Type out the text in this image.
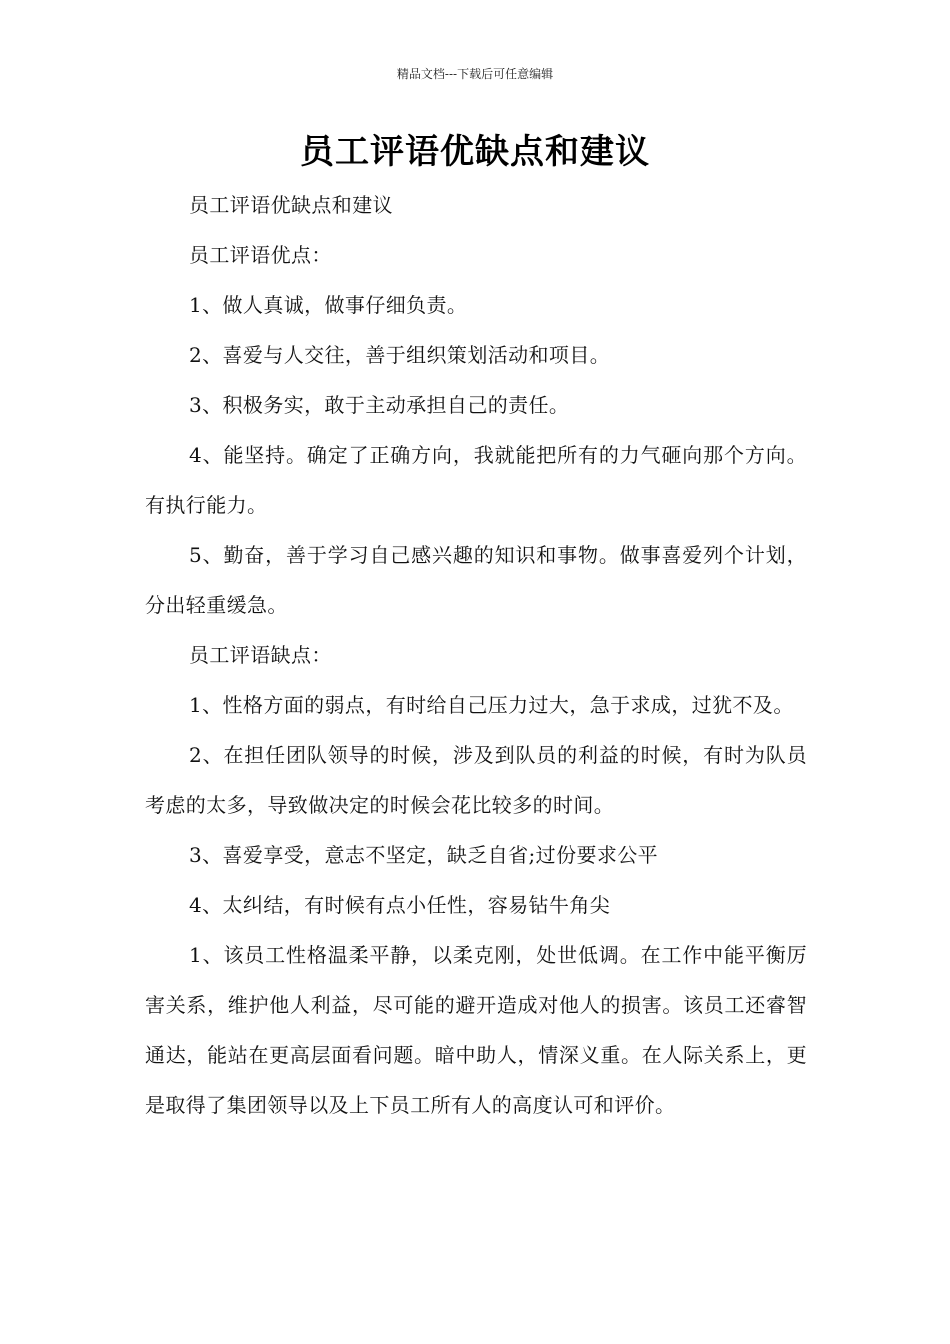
精品文档---下载后可任意编辑
员工评语优缺点和建议

员工评语优缺点和建议

员工评语优点：

1、做人真诚，做事仔细负责。

2、喜爱与人交往，善于组织策划活动和项目。

3、积极务实，敢于主动承担自己的责任。

4、能坚持。确定了正确方向，我就能把所有的力气砸向那个方向。有执行能力。

5、勤奋，善于学习自己感兴趣的知识和事物。做事喜爱列个计划，分出轻重缓急。

员工评语缺点：

1、性格方面的弱点，有时给自己压力过大，急于求成，过犹不及。

2、在担任团队领导的时候，涉及到队员的利益的时候，有时为队员考虑的太多，导致做决定的时候会花比较多的时间。

3、喜爱享受，意志不坚定，缺乏自省;过份要求公平

4、太纠结，有时候有点小任性，容易钻牛角尖

1、该员工性格温柔平静，以柔克刚，处世低调。在工作中能平衡厉害关系，维护他人利益，尽可能的避开造成对他人的损害。该员工还睿智通达，能站在更高层面看问题。暗中助人，情深义重。在人际关系上，更是取得了集团领导以及上下员工所有人的高度认可和评价。
